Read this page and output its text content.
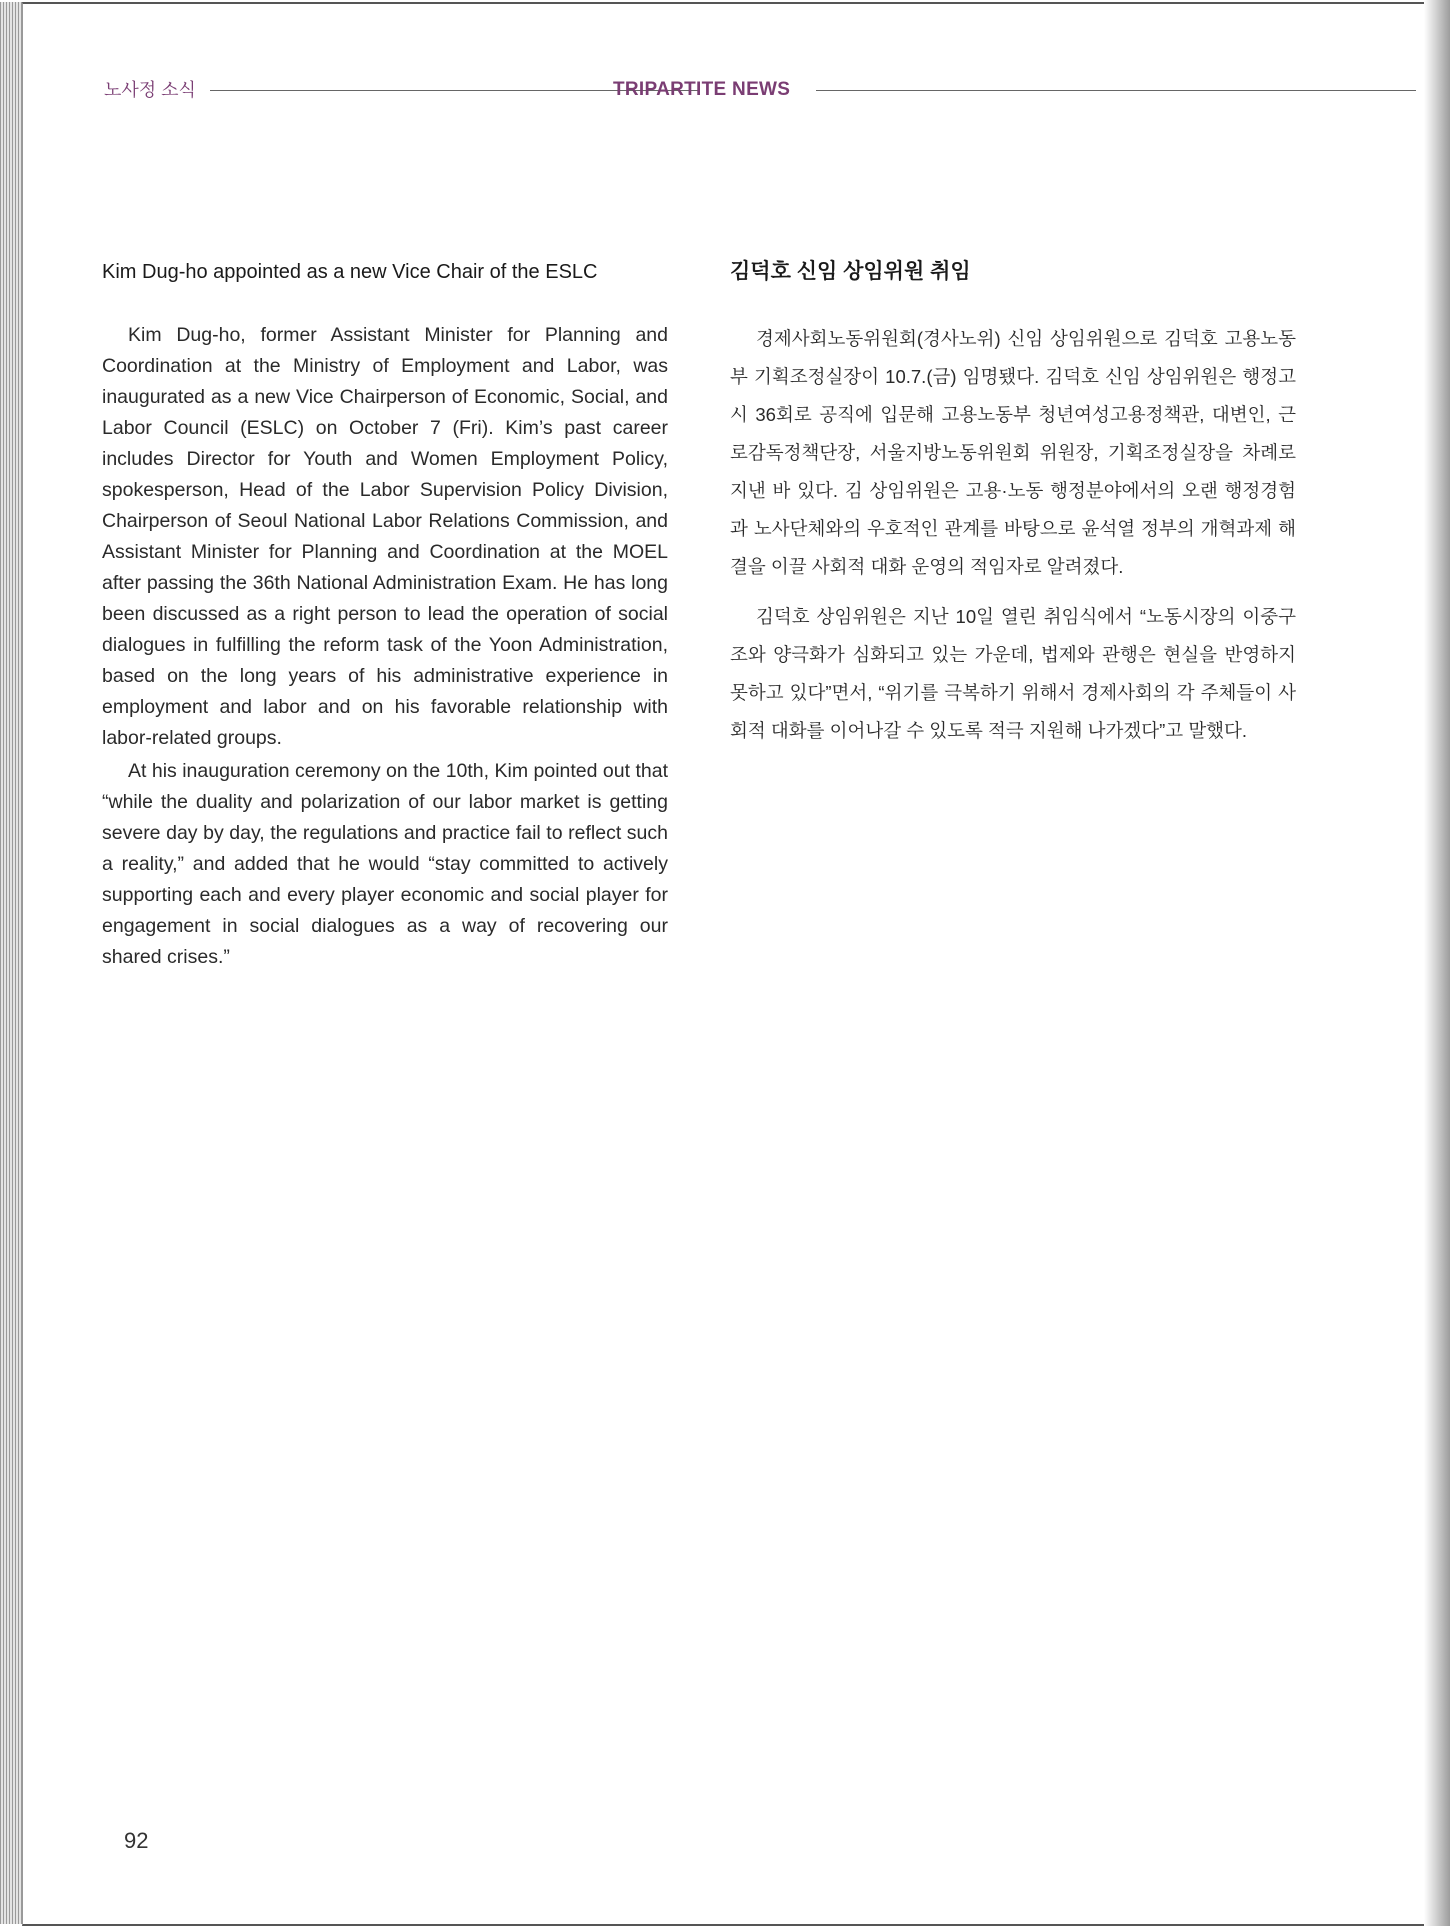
노사정 소식	TRIPARTITE NEWS
Kim Dug-ho appointed as a new Vice Chair of the ESLC

Kim Dug-ho, former Assistant Minister for Planning and Coordination at the Ministry of Employment and Labor, was inaugurated as a new Vice Chairperson of Economic, Social, and Labor Council (ESLC) on October 7 (Fri). Kim’s past career includes Director for Youth and Women Employment Policy, spokesperson, Head of the Labor Supervision Policy Division, Chairperson of Seoul National Labor Relations Commission, and Assistant Minister for Planning and Coordination at the MOEL after passing the 36th National Administration Exam. He has long been discussed as a right person to lead the operation of social dialogues in fulfilling the reform task of the Yoon Administration, based on the long years of his administrative experience in employment and labor and on his favorable relationship with labor-related groups.

At his inauguration ceremony on the 10th, Kim pointed out that “while the duality and polarization of our labor market is getting severe day by day, the regulations and practice fail to reflect such a reality,” and added that he would “stay committed to actively supporting each and every player economic and social player for engagement in social dialogues as a way of recovering our shared crises.”

김덕호 신임 상임위원 취임

경제사회노동위원회(경사노위) 신임 상임위원으로 김덕호 고용노동부 기획조정실장이 10.7.(금) 임명됐다. 김덕호 신임 상임위원은 행정고시 36회로 공직에 입문해 고용노동부 청년여성고용정책관, 대변인, 근로감독정책단장, 서울지방노동위원회 위원장, 기획조정실장을 차례로 지낸 바 있다. 김 상임위원은 고용·노동 행정분야에서의 오랜 행정경험과 노사단체와의 우호적인 관계를 바탕으로 윤석열 정부의 개혁과제 해결을 이끌 사회적 대화 운영의 적임자로 알려졌다.

김덕호 상임위원은 지난 10일 열린 취임식에서 “노동시장의 이중구조와 양극화가 심화되고 있는 가운데, 법제와 관행은 현실을 반영하지 못하고 있다”면서, “위기를 극복하기 위해서 경제사회의 각 주체들이 사회적 대화를 이어나갈 수 있도록 적극 지원해 나가겠다”고 말했다.

92
